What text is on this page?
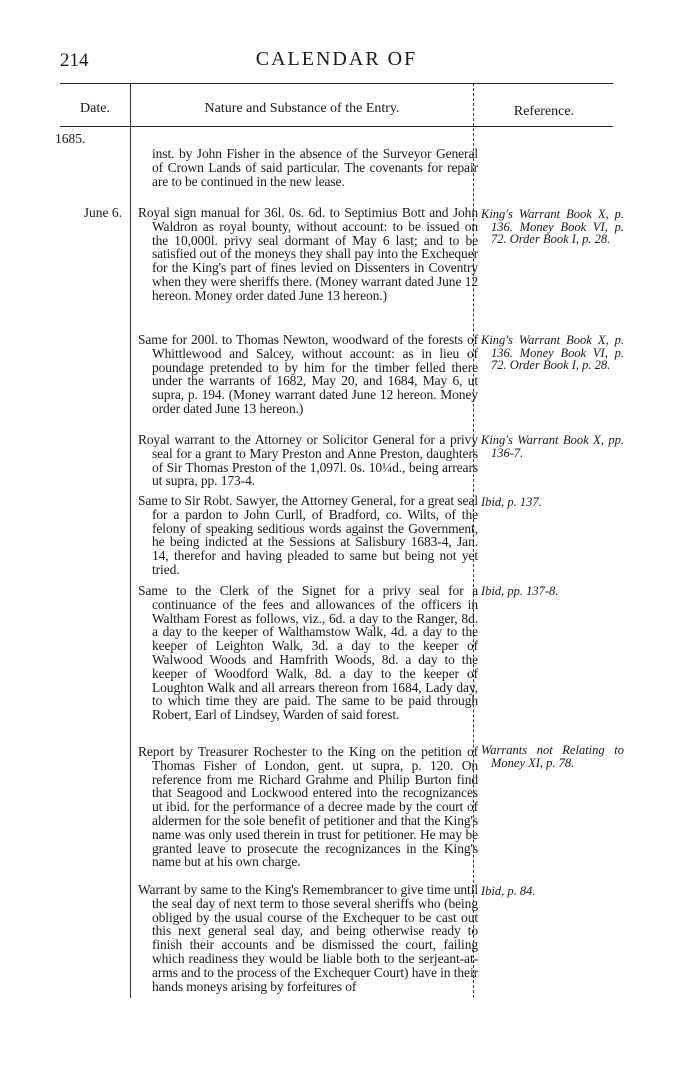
214	CALENDAR OF
Date.	Nature and Substance of the Entry.	Reference.
1685.
inst. by John Fisher in the absence of the Surveyor General of Crown Lands of said particular. The covenants for repair are to be continued in the new lease.
June 6. Royal sign manual for 36l. 0s. 6d. to Septimius Bott and John Waldron as royal bounty, without account: to be issued on the 10,000l. privy seal dormant of May 6 last; and to be satisfied out of the moneys they shall pay into the Exchequer for the King's part of fines levied on Dissenters in Coventry when they were sheriffs there. (Money warrant dated June 12 hereon. Money order dated June 13 hereon.)
King's Warrant Book X, p. 136. Money Book VI, p. 72. Order Book I, p. 28.
Same for 200l. to Thomas Newton, woodward of the forests of Whittlewood and Salcey, without account: as in lieu of poundage pretended to by him for the timber felled there under the warrants of 1682, May 20, and 1684, May 6, ut supra, p. 194. (Money warrant dated June 12 hereon. Money order dated June 13 hereon.)
King's Warrant Book X, p. 136. Money Book VI, p. 72. Order Book I, p. 28.
Royal warrant to the Attorney or Solicitor General for a privy seal for a grant to Mary Preston and Anne Preston, daughters of Sir Thomas Preston of the 1,097l. 0s. 10¼d., being arrears ut supra, pp. 173-4.
King's Warrant Book X, pp. 136-7.
Same to Sir Robt. Sawyer, the Attorney General, for a great seal for a pardon to John Curll, of Bradford, co. Wilts, of the felony of speaking seditious words against the Government, he being indicted at the Sessions at Salisbury 1683-4, Jan. 14, therefor and having pleaded to same but being not yet tried.
Ibid, p. 137.
Same to the Clerk of the Signet for a privy seal for a continuance of the fees and allowances of the officers in Waltham Forest as follows, viz., 6d. a day to the Ranger, 8d. a day to the keeper of Walthamstow Walk, 4d. a day to the keeper of Leighton Walk, 3d. a day to the keeper of Walwood Woods and Hamfrith Woods, 8d. a day to the keeper of Woodford Walk, 8d. a day to the keeper of Loughton Walk and all arrears thereon from 1684, Lady day, to which time they are paid. The same to be paid through Robert, Earl of Lindsey, Warden of said forest.
Ibid, pp. 137-8.
Report by Treasurer Rochester to the King on the petition of Thomas Fisher of London, gent. ut supra, p. 120. On reference from me Richard Grahme and Philip Burton find that Seagood and Lockwood entered into the recognizances ut ibid. for the performance of a decree made by the court of aldermen for the sole benefit of petitioner and that the King's name was only used therein in trust for petitioner. He may be granted leave to prosecute the recognizances in the King's name but at his own charge.
Warrants not Relating to Money XI, p. 78.
Warrant by same to the King's Remembrancer to give time until the seal day of next term to those several sheriffs who (being obliged by the usual course of the Exchequer to be cast out this next general seal day, and being otherwise ready to finish their accounts and be dismissed the court, failing which readiness they would be liable both to the serjeant-at-arms and to the process of the Exchequer Court) have in their hands moneys arising by forfeitures of
Ibid, p. 84.
